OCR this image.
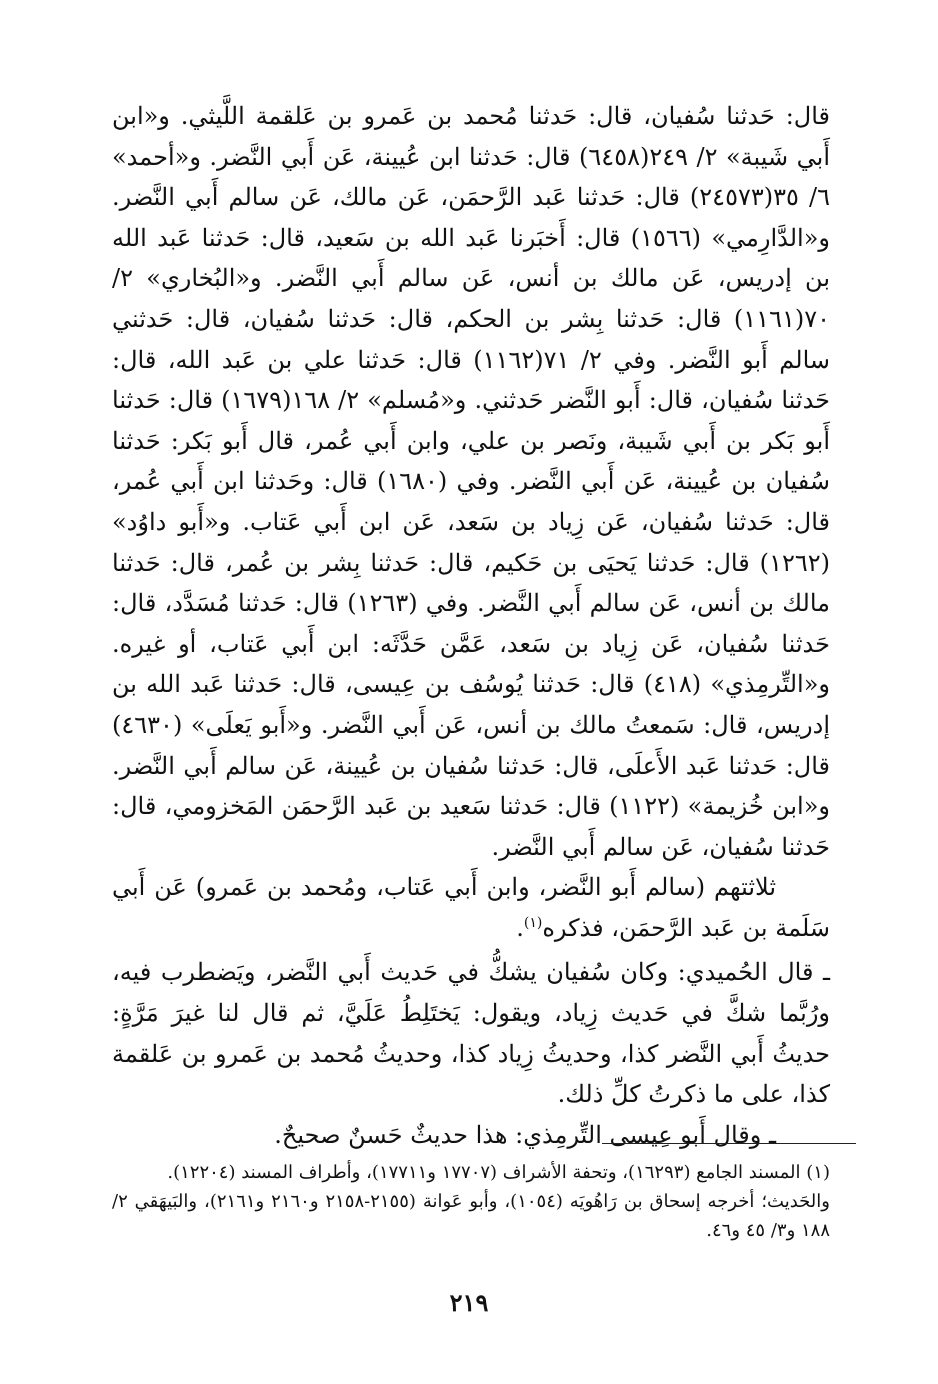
قال: حَدثنا سُفيان، قال: حَدثنا مُحمد بن عَمرو بن عَلقمة اللَّيثي. و«ابن أَبي شَيبة» ٢/ ٢٤٩(٦٤٥٨) قال: حَدثنا ابن عُيينة، عَن أَبي النَّضر. و«أحمد» ٦/ ٣٥(٢٤٥٧٣) قال: حَدثنا عَبد الرَّحمَن، عَن مالك، عَن سالم أَبي النَّضر. و«الدَّارِمي» (١٥٦٦) قال: أَخبَرنا عَبد الله بن سَعيد، قال: حَدثنا عَبد الله بن إدريس، عَن مالك بن أنس، عَن سالم أَبي النَّضر. و«البُخاري» ٢/ ٧٠(١١٦١) قال: حَدثنا بِشر بن الحكم، قال: حَدثنا سُفيان، قال: حَدثني سالم أَبو النَّضر. وفي ٢/ ٧١(١١٦٢) قال: حَدثنا علي بن عَبد الله، قال: حَدثنا سُفيان، قال: أَبو النَّضر حَدثني. و«مُسلم» ٢/ ١٦٨(١٦٧٩) قال: حَدثنا أَبو بَكر بن أَبي شَيبة، ونَصر بن علي، وابن أَبي عُمر، قال أَبو بَكر: حَدثنا سُفيان بن عُيينة، عَن أَبي النَّضر. وفي (١٦٨٠) قال: وحَدثنا ابن أَبي عُمر، قال: حَدثنا سُفيان، عَن زِياد بن سَعد، عَن ابن أَبي عَتاب. و«أَبو داوُد» (١٢٦٢) قال: حَدثنا يَحيَى بن حَكيم، قال: حَدثنا بِشر بن عُمر، قال: حَدثنا مالك بن أنس، عَن سالم أَبي النَّضر. وفي (١٢٦٣) قال: حَدثنا مُسَدَّد، قال: حَدثنا سُفيان، عَن زِياد بن سَعد، عَمَّن حَدَّثَه: ابن أَبي عَتاب، أو غيره. و«التِّرمِذي» (٤١٨) قال: حَدثنا يُوسُف بن عِيسى، قال: حَدثنا عَبد الله بن إدريس، قال: سَمعتُ مالك بن أنس، عَن أَبي النَّضر. و«أَبو يَعلَى» (٤٦٣٠) قال: حَدثنا عَبد الأَعلَى، قال: حَدثنا سُفيان بن عُيينة، عَن سالم أَبي النَّضر. و«ابن خُزيمة» (١١٢٢) قال: حَدثنا سَعيد بن عَبد الرَّحمَن المَخزومي، قال: حَدثنا سُفيان، عَن سالم أَبي النَّضر.

ثلاثتهم (سالم أَبو النَّضر، وابن أَبي عَتاب، ومُحمد بن عَمرو) عَن أَبي سَلَمة بن عَبد الرَّحمَن، فذكره$^{(١)}$.

ـ قال الحُميدي: وكان سُفيان يشكُّ في حَديث أَبي النَّضر، ويَضطرب فيه، ورُبَّما شكَّ في حَديث زِياد، ويقول: يَختَلِطُ عَلَيَّ، ثم قال لنا غيرَ مَرَّةٍ: حديثُ أَبي النَّضر كذا، وحديثُ زِياد كذا، وحديثُ مُحمد بن عَمرو بن عَلقمة كذا، على ما ذكرتُ كلِّ ذلك.

ـ وقال أَبو عِيسى التِّرمِذي: هذا حديثٌ حَسنٌ صحيحٌ.

(١) المسند الجامع (١٦٢٩٣)، وتحفة الأشراف (١٧٧٠٧ و١٧٧١١)، وأطراف المسند (١٢٢٠٤).

والحَديث؛ أخرجه إسحاق بن رَاهُويَه (١٠٥٤)، وأبو عَوانة (٢١٥٥-٢١٥٨ و٢١٦٠ و٢١٦١)، والبَيهَقي ٢/ ١٨٨ و٣/ ٤٥ و٤٦.

٢١٩
